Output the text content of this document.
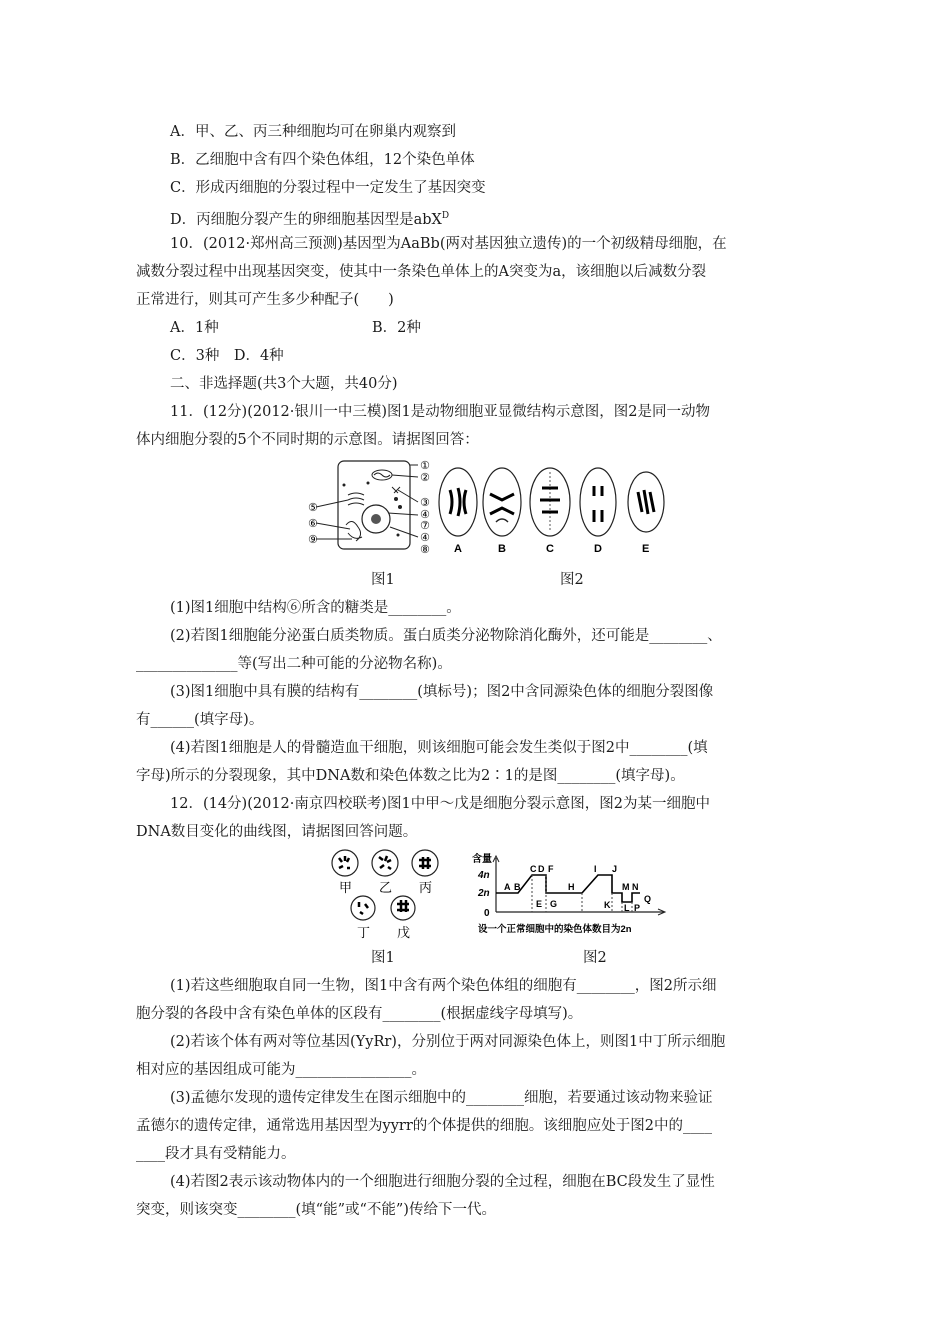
A．甲、乙、丙三种细胞均可在卵巢内观察到
B．乙细胞中含有四个染色体组，12个染色单体
C．形成丙细胞的分裂过程中一定发生了基因突变
D．丙细胞分裂产生的卵细胞基因型是abX$^D$
10．(2012·郑州高三预测)基因型为AaBb(两对基因独立遗传)的一个初级精母细胞，在
减数分裂过程中出现基因突变，使其中一条染色单体上的A突变为a，该细胞以后减数分裂
正常进行，则其可产生多少种配子(　　)
A．1种	B．2种
C．3种　D．4种
二、非选择题(共3个大题，共40分)
11．(12分)(2012·银川一中三模)图1是动物细胞亚显微结构示意图，图2是同一动物
体内细胞分裂的5个不同时期的示意图。请据图回答：
①
②
③
④
⑦
④
⑧
⑤
⑥
⑨
A	B	C	D	E
图1	图2
(1)图1细胞中结构⑥所含的糖类是________。
(2)若图1细胞能分泌蛋白质类物质。蛋白质类分泌物除消化酶外，还可能是________、
______________等(写出二种可能的分泌物名称)。
(3)图1细胞中具有膜的结构有________(填标号)；图2中含同源染色体的细胞分裂图像
有______(填字母)。
(4)若图1细胞是人的骨髓造血干细胞，则该细胞可能会发生类似于图2中________(填
字母)所示的分裂现象，其中DNA数和染色体数之比为2∶1的是图________(填字母)。
12．(14分)(2012·南京四校联考)图1中甲～戊是细胞分裂示意图，图2为某一细胞中
DNA数目变化的曲线图，请据图回答问题。
甲 乙 丙
丁 戊
含量
4n
2n
0
A B
C D F
E G
H
I J
K L
M N
P
Q
设一个正常细胞中的染色体数目为2n
图1	图2
(1)若这些细胞取自同一生物，图1中含有两个染色体组的细胞有________，图2所示细
胞分裂的各段中含有染色单体的区段有________(根据虚线字母填写)。
(2)若该个体有两对等位基因(YyRr)，分别位于两对同源染色体上，则图1中丁所示细胞
相对应的基因组成可能为________________。
(3)孟德尔发现的遗传定律发生在图示细胞中的________细胞，若要通过该动物来验证
孟德尔的遗传定律，通常选用基因型为yyrr的个体提供的细胞。该细胞应处于图2中的____
____段才具有受精能力。
(4)若图2表示该动物体内的一个细胞进行细胞分裂的全过程，细胞在BC段发生了显性
突变，则该突变________(填“能”或“不能”)传给下一代。
